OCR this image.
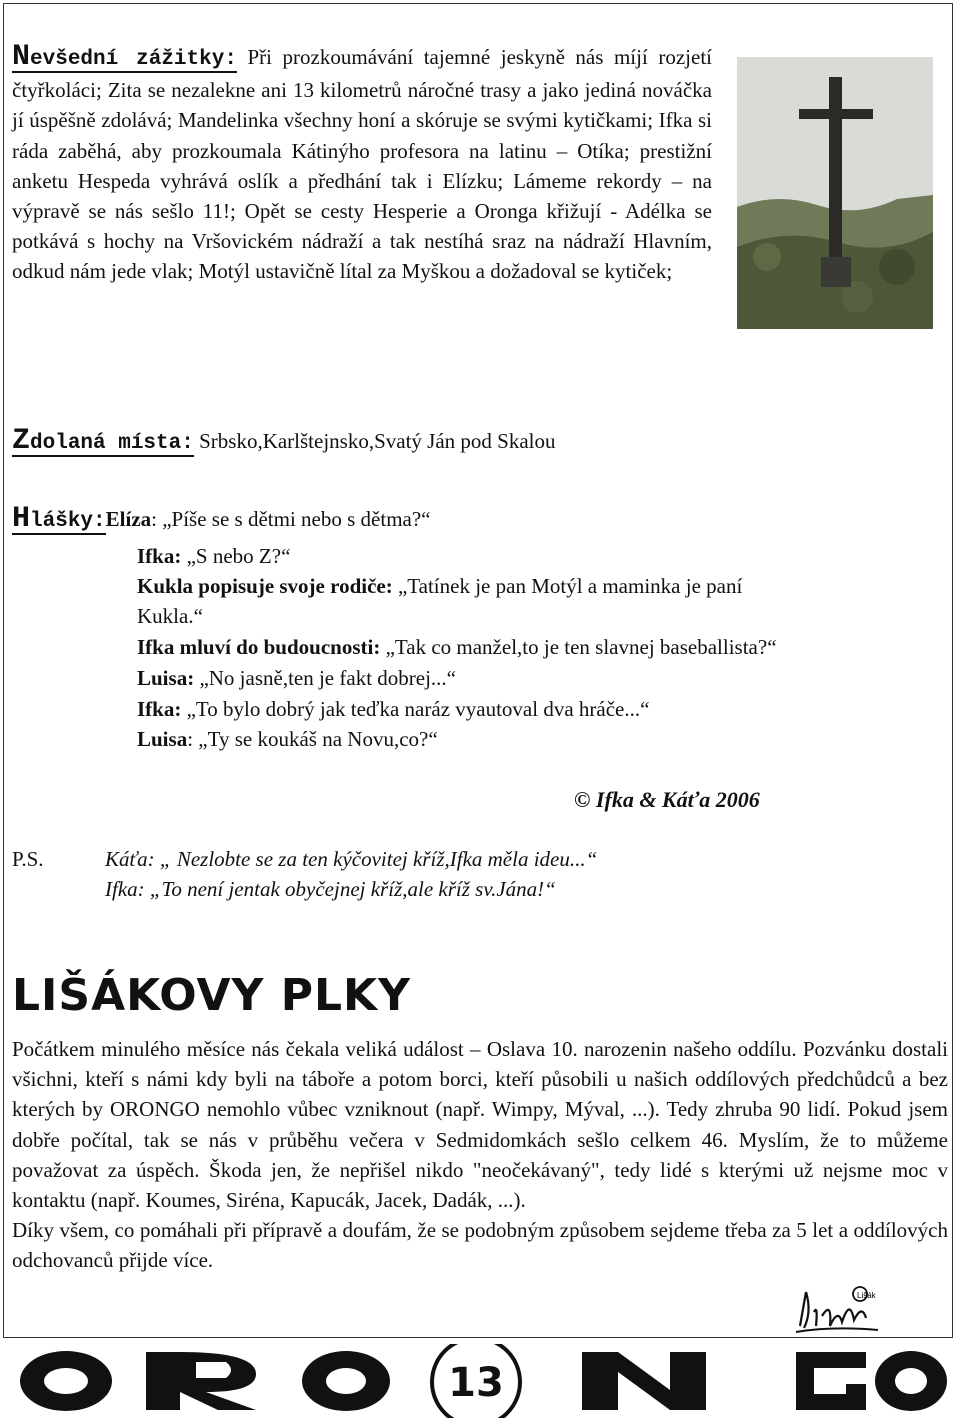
Nevšední zážitky: Při prozkoumávání tajemné jeskyně nás míjí rozjetí čtyřkoláci; Zita se nezalekne ani 13 kilometrů náročné trasy a jako jediná nováčka jí úspěšně zdolává; Mandelinka všechny honí a skóruje se svými kytičkami; Ifka si ráda zaběhá, aby prozkoumala Kátinýho profesora na latinu – Otíka; prestižní anketu Hespeda vyhrává oslík a předhání tak i Elízku; Lámeme rekordy – na výpravě se nás sešlo 11!; Opět se cesty Hesperie a Oronga křižují - Adélka se potkává s hochy na Vršovickém nádraží a tak nestíhá sraz na nádraží Hlavním, odkud nám jede vlak; Motýl ustavičně lítal za Myškou a dožadoval se kytiček;
Zdolaná místa: Srbsko,Karlštejnsko,Svatý Ján pod Skalou
Hlášky:Elíza: „Píše se s dětmi nebo s dětma?“
Ifka: „S nebo Z?“
Kukla popisuje svoje rodiče: „Tatínek je pan Motýl a maminka je paní
Kukla.“
Ifka mluví do budoucnosti: „Tak co manžel,to je ten slavnej baseballista?“
Luisa: „No jasně,ten je fakt dobrej...“
Ifka: „To bylo dobrý jak teďka naráz vyautoval dva hráče...“
Luisa: „Ty se koukáš na Novu,co?“
© Ifka & Káťa 2006
P.S.	Káťa: „ Nezlobte se za ten kýčovitej kříž,Ifka měla ideu...“
Ifka: „To není jentak obyčejnej kříž,ale kříž sv.Jána!“
LIŠÁKOVY PLKY
Počátkem minulého měsíce nás čekala veliká událost – Oslava 10. narozenin našeho oddílu. Pozvánku dostali všichni, kteří s námi kdy byli na táboře a potom borci, kteří působili u našich oddílových předchůdců a bez kterých by ORONGO nemohlo vůbec vzniknout (např. Wimpy, Mýval, ...). Tedy zhruba 90 lidí. Pokud jsem dobře počítal, tak se nás v průběhu večera v Sedmidomkách sešlo celkem 46. Myslím, že to můžeme považovat za úspěch. Škoda jen, že nepřišel nikdo "neočekávaný", tedy lidé s kterými už nejsme moc v kontaktu (např. Koumes, Siréna, Kapucák, Jacek, Dadák, ...).
Díky všem, co pomáhali při přípravě a doufám, že se podobným způsobem sejdeme třeba za 5 let a oddílových odchovanců přijde více.
Lišák
13
